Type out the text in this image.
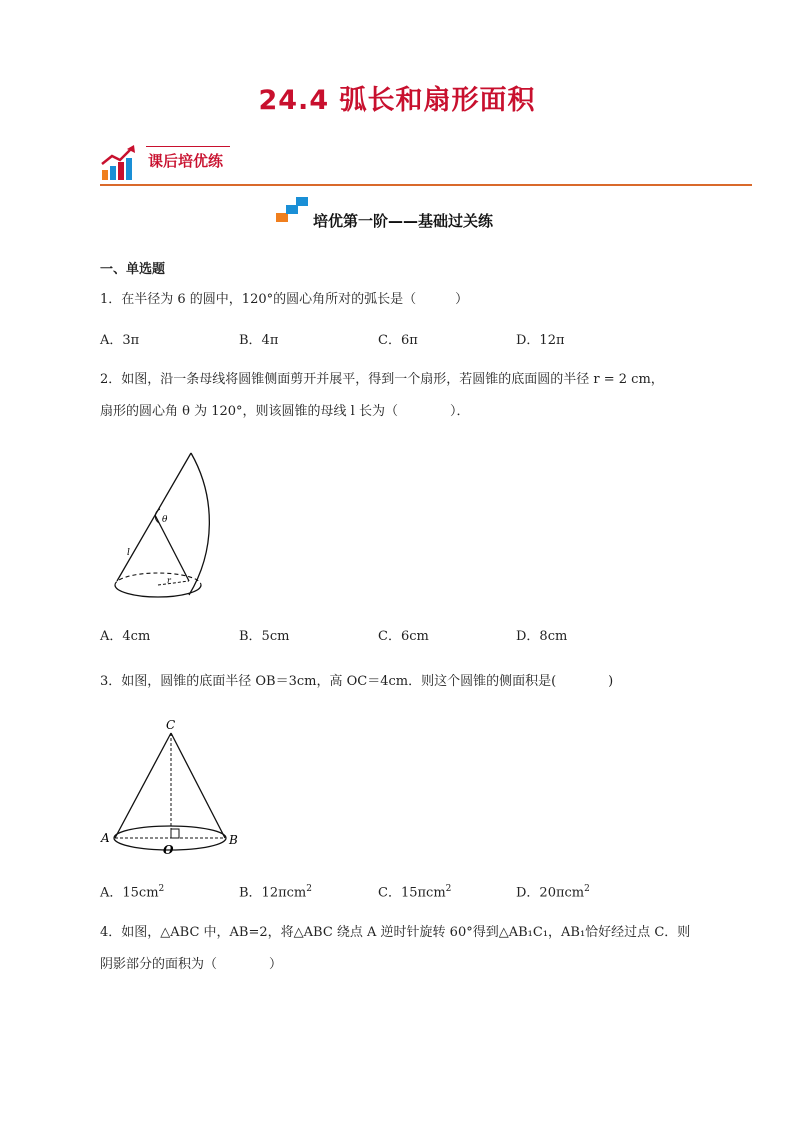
24.4 弧长和扇形面积
课后培优练
培优第一阶——基础过关练
一、单选题
1．在半径为 6 的圆中，120°的圆心角所对的弧长是（　　　）
A．3π	B．4π	C．6π	D．12π
2．如图，沿一条母线将圆锥侧面剪开并展平，得到一个扇形，若圆锥的底面圆的半径 r = 2 cm，
扇形的圆心角 θ 为 120°，则该圆锥的母线 l 长为（　　　　）．
θ
l
r
A．4cm	B．5cm	C．6cm	D．8cm
3．如图，圆锥的底面半径 OB＝3cm，高 OC＝4cm．则这个圆锥的侧面积是(　　　　)
C
A	B
O
A．$15cm^2$	B．12πcm$^2$	C．15πcm$^2$	D．20πcm$^2$
4．如图，△ABC 中，AB=2，将△ABC 绕点 A 逆时针旋转 60°得到△AB₁C₁，AB₁恰好经过点 C．则
阴影部分的面积为（　　　　）
